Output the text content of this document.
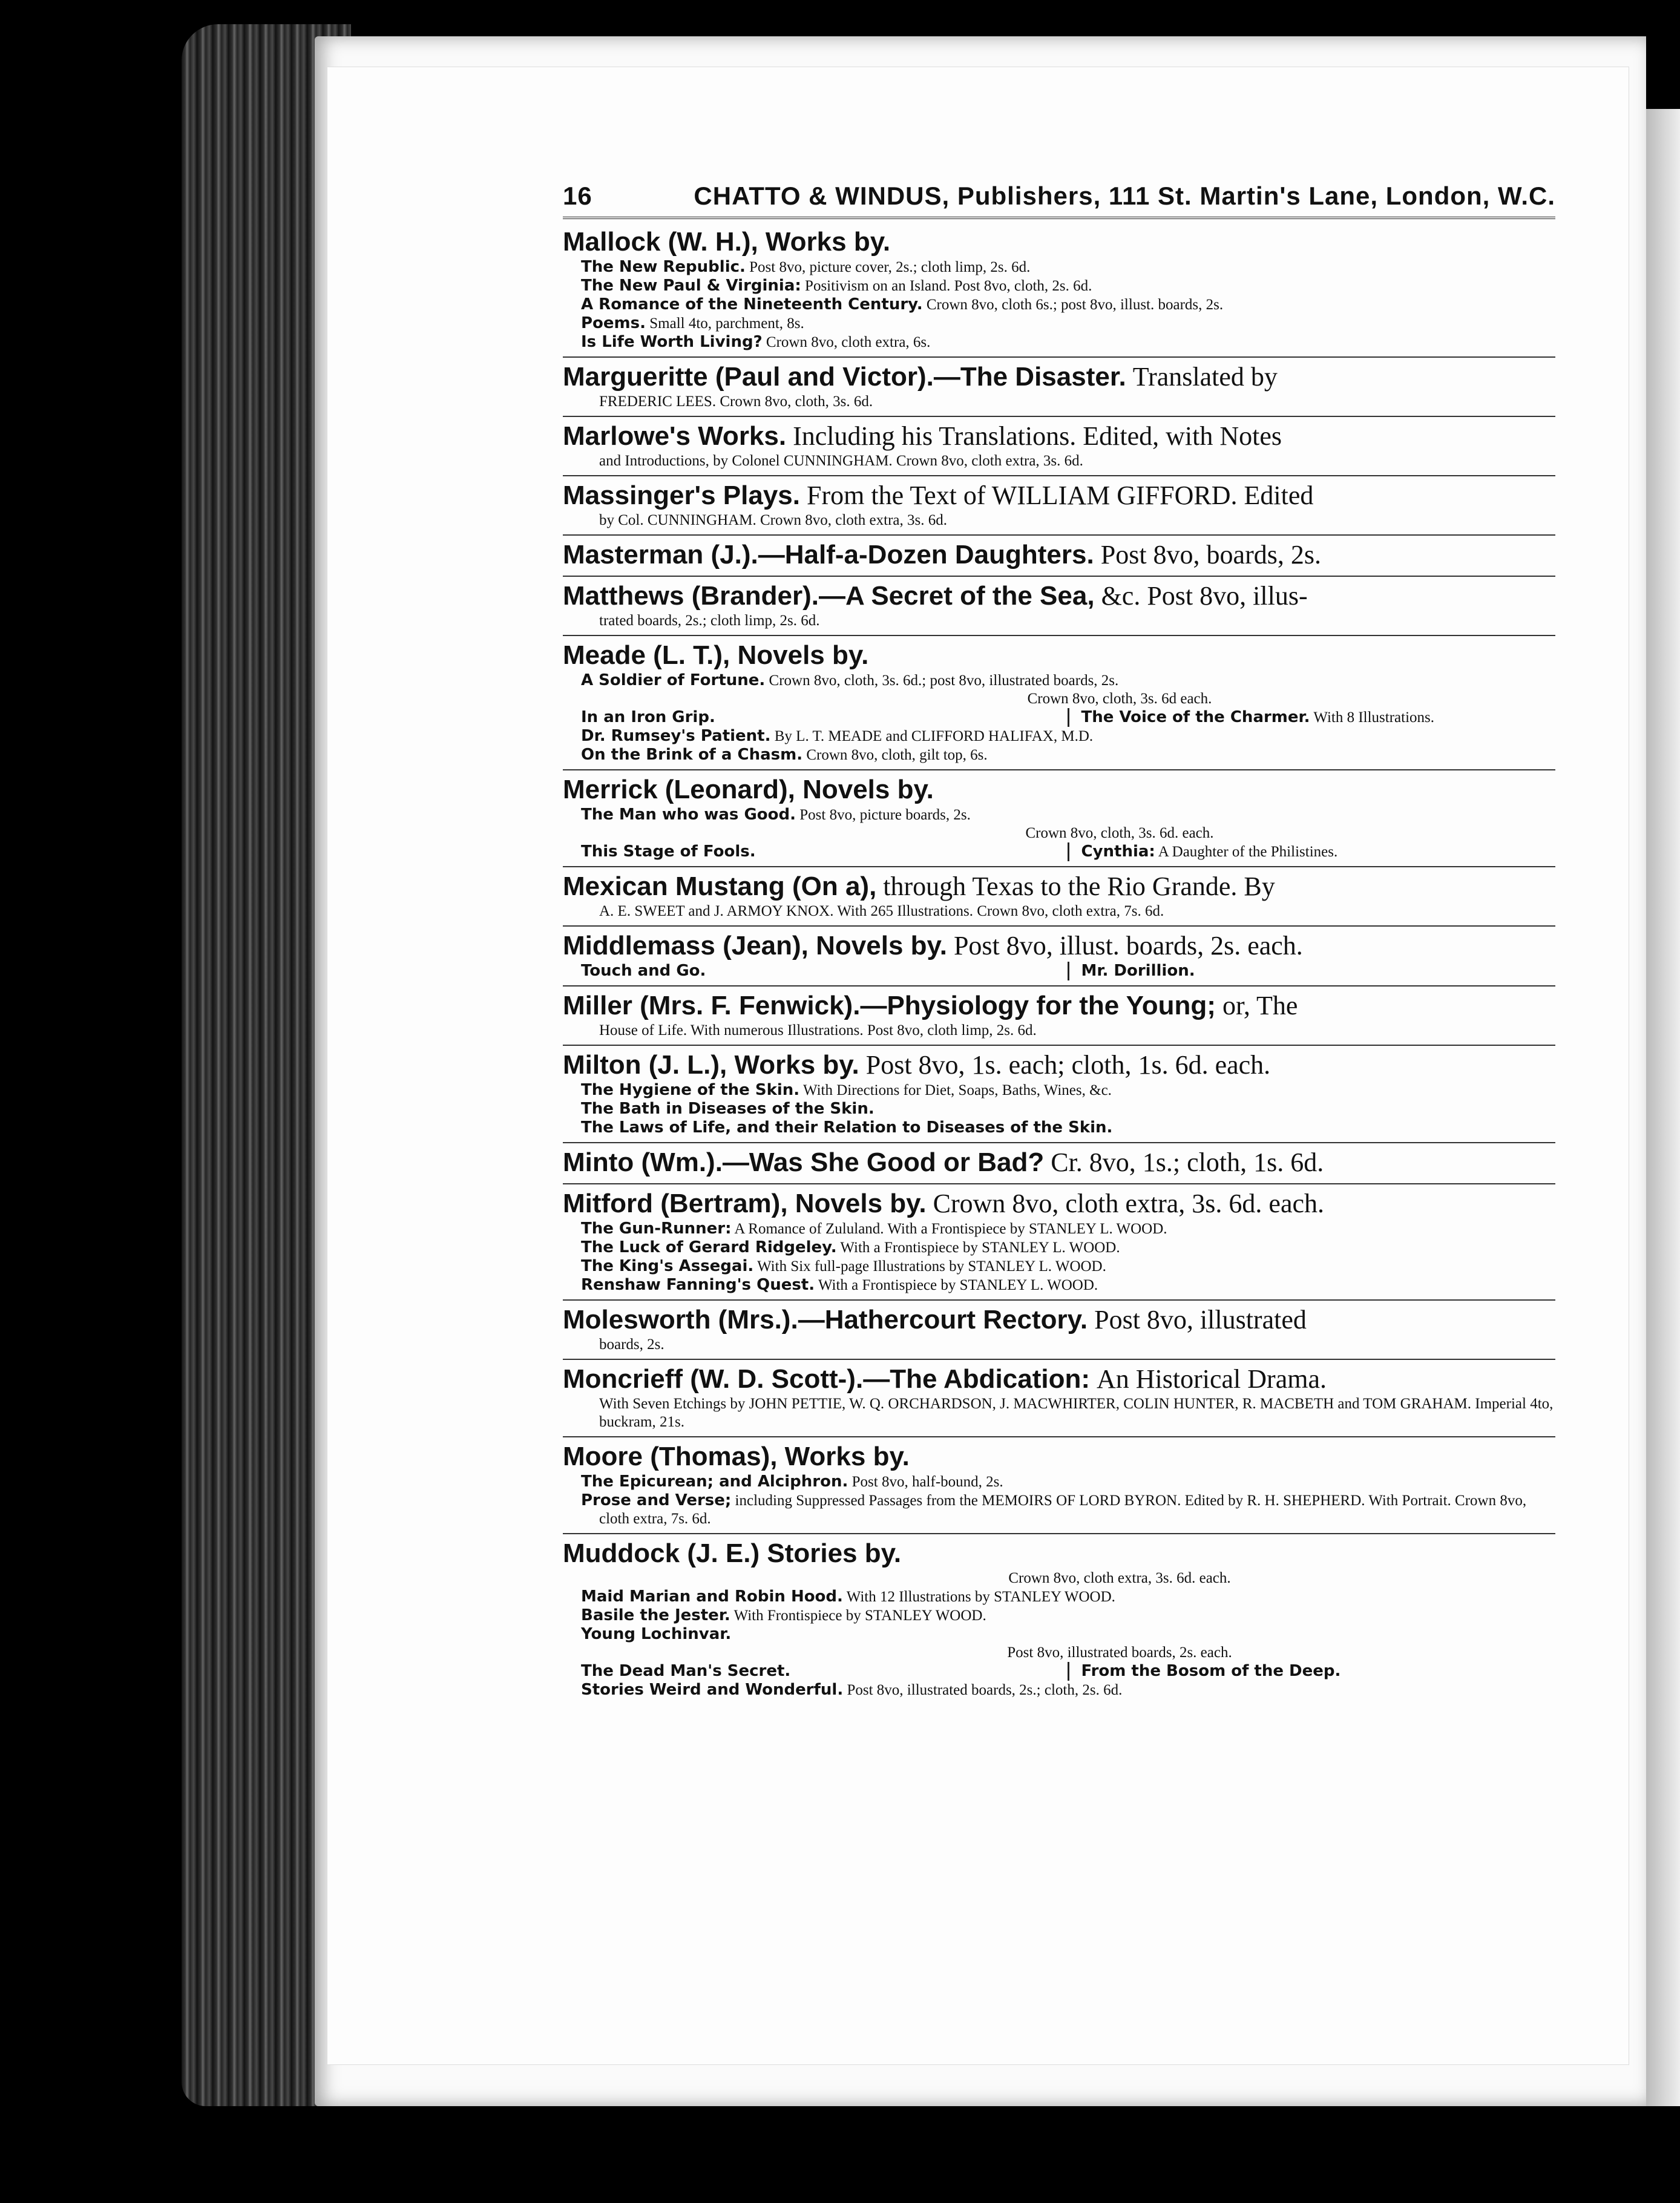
16	CHATTO & WINDUS, Publishers, 111 St. Martin's Lane, London, W.C.
Mallock (W. H.), Works by.
The New Republic. Post 8vo, picture cover, 2s.; cloth limp, 2s. 6d.
The New Paul & Virginia: Positivism on an Island. Post 8vo, cloth, 2s. 6d.
A Romance of the Nineteenth Century. Crown 8vo, cloth 6s.; post 8vo, illust. boards, 2s.
Poems. Small 4to, parchment, 8s.
Is Life Worth Living? Crown 8vo, cloth extra, 6s.
Margueritte (Paul and Victor).—The Disaster. Translated by
FREDERIC LEES. Crown 8vo, cloth, 3s. 6d.
Marlowe's Works. Including his Translations. Edited, with Notes
and Introductions, by Colonel CUNNINGHAM. Crown 8vo, cloth extra, 3s. 6d.
Massinger's Plays. From the Text of WILLIAM GIFFORD. Edited
by Col. CUNNINGHAM. Crown 8vo, cloth extra, 3s. 6d.
Masterman (J.).—Half-a-Dozen Daughters. Post 8vo, boards, 2s.
Matthews (Brander).—A Secret of the Sea, &c. Post 8vo, illus-
trated boards, 2s.; cloth limp, 2s. 6d.
Meade (L. T.), Novels by.
A Soldier of Fortune. Crown 8vo, cloth, 3s. 6d.; post 8vo, illustrated boards, 2s.
Crown 8vo, cloth, 3s. 6d each.
In an Iron Grip.	The Voice of the Charmer. With 8 Illustrations.
Dr. Rumsey's Patient. By L. T. MEADE and CLIFFORD HALIFAX, M.D.
On the Brink of a Chasm. Crown 8vo, cloth, gilt top, 6s.
Merrick (Leonard), Novels by.
The Man who was Good. Post 8vo, picture boards, 2s.
Crown 8vo, cloth, 3s. 6d. each.
This Stage of Fools.	Cynthia: A Daughter of the Philistines.
Mexican Mustang (On a), through Texas to the Rio Grande. By
A. E. SWEET and J. ARMOY KNOX. With 265 Illustrations. Crown 8vo, cloth extra, 7s. 6d.
Middlemass (Jean), Novels by. Post 8vo, illust. boards, 2s. each.
Touch and Go.	Mr. Dorillion.
Miller (Mrs. F. Fenwick).—Physiology for the Young; or, The
House of Life. With numerous Illustrations. Post 8vo, cloth limp, 2s. 6d.
Milton (J. L.), Works by. Post 8vo, 1s. each; cloth, 1s. 6d. each.
The Hygiene of the Skin. With Directions for Diet, Soaps, Baths, Wines, &c.
The Bath in Diseases of the Skin.
The Laws of Life, and their Relation to Diseases of the Skin.
Minto (Wm.).—Was She Good or Bad? Cr. 8vo, 1s.; cloth, 1s. 6d.
Mitford (Bertram), Novels by. Crown 8vo, cloth extra, 3s. 6d. each.
The Gun-Runner: A Romance of Zululand. With a Frontispiece by STANLEY L. WOOD.
The Luck of Gerard Ridgeley. With a Frontispiece by STANLEY L. WOOD.
The King's Assegai. With Six full-page Illustrations by STANLEY L. WOOD.
Renshaw Fanning's Quest. With a Frontispiece by STANLEY L. WOOD.
Molesworth (Mrs.).—Hathercourt Rectory. Post 8vo, illustrated
boards, 2s.
Moncrieff (W. D. Scott-).—The Abdication: An Historical Drama.
With Seven Etchings by JOHN PETTIE, W. Q. ORCHARDSON, J. MACWHIRTER, COLIN HUNTER, R. MACBETH and TOM GRAHAM. Imperial 4to, buckram, 21s.
Moore (Thomas), Works by.
The Epicurean; and Alciphron. Post 8vo, half-bound, 2s.
Prose and Verse; including Suppressed Passages from the MEMOIRS OF LORD BYRON. Edited by R. H. SHEPHERD. With Portrait. Crown 8vo, cloth extra, 7s. 6d.
Muddock (J. E.) Stories by.
Crown 8vo, cloth extra, 3s. 6d. each.
Maid Marian and Robin Hood. With 12 Illustrations by STANLEY WOOD.
Basile the Jester. With Frontispiece by STANLEY WOOD.
Young Lochinvar.
Post 8vo, illustrated boards, 2s. each.
The Dead Man's Secret.	From the Bosom of the Deep.
Stories Weird and Wonderful. Post 8vo, illustrated boards, 2s.; cloth, 2s. 6d.
